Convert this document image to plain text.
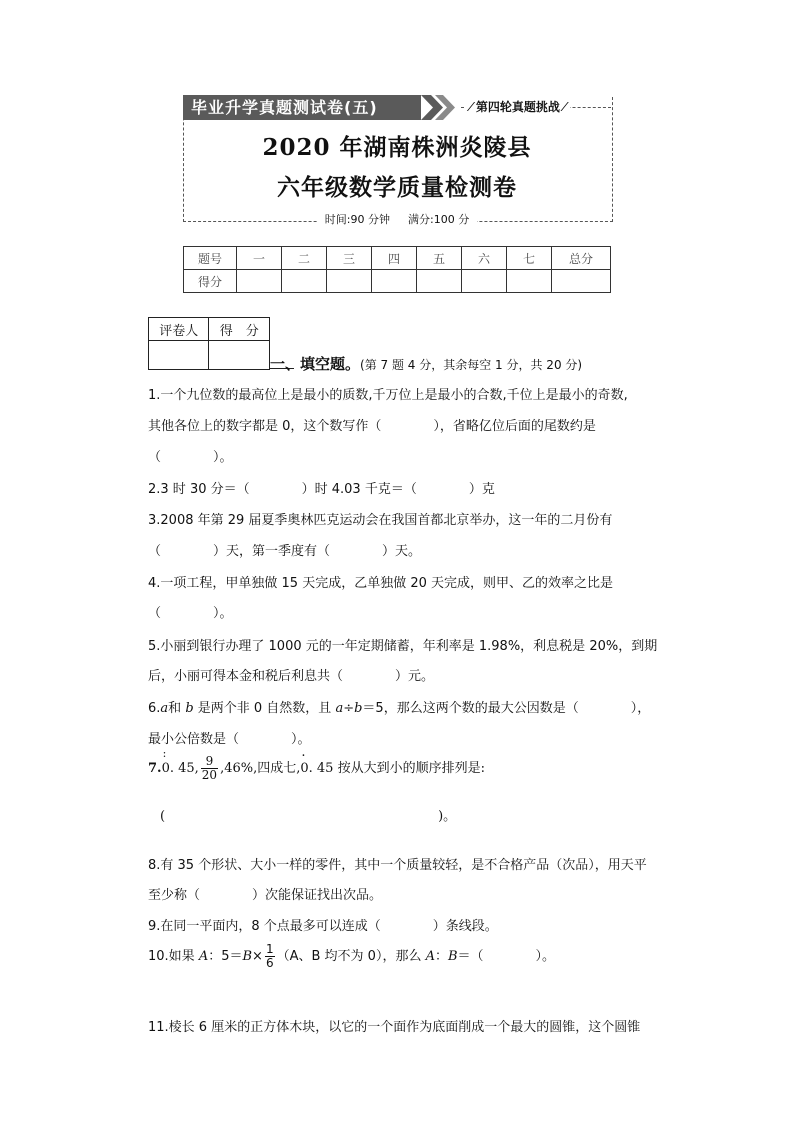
毕业升学真题测试卷(五)	⁄ 第四轮真题挑战 ⁄
2020 年湖南株洲炎陵县
六年级数学质量检测卷
时间:90 分钟 满分:100 分
题号	一	二	三	四	五	六	七	总分
得分								
评卷人	得　分

一、填空题。(第 7 题 4 分，其余每空 1 分，共 20 分)
1.一个九位数的最高位上是最小的质数,千万位上是最小的合数,千位上是最小的奇数,
其他各位上的数字都是 0，这个数写作（　　　　），省略亿位后面的尾数约是
（　　　　）。
2.3 时 30 分＝（　　　　）时 4.03 千克＝（　　　　）克
3.2008 年第 29 届夏季奥林匹克运动会在我国首都北京举办，这一年的二月份有
（　　　　）天，第一季度有（　　　　）天。
4.一项工程，甲单独做 15 天完成，乙单独做 20 天完成，则甲、乙的效率之比是
（　　　　）。
5.小丽到银行办理了 1000 元的一年定期储蓄，年利率是 1.98%，利息税是 20%，到期
后，小丽可得本金和税后利息共（　　　　）元。
6.a和 b 是两个非 0 自然数，且 a÷b＝5，那么这两个数的最大公因数是（　　　　），
最小公倍数是（　　　　）。
7.: 0. 45, $\frac{9}{20} ,46\%$,四成七,. 0. 45 按从大到小的顺序排列是:
(　　　　　　　　　　　　　　　　　　　　　)。
8.有 35 个形状、大小一样的零件，其中一个质量较轻，是不合格产品（次品），用天平
至少称（　　　　）次能保证找出次品。
9.在同一平面内，8 个点最多可以连成（　　　　）条线段。
10.如果 A：$5=B\times \frac{1}{6} (A$、B 均不为 0），那么 A：B＝（　　　　）。
11.棱长 6 厘米的正方体木块，以它的一个面作为底面削成一个最大的圆锥，这个圆锥
